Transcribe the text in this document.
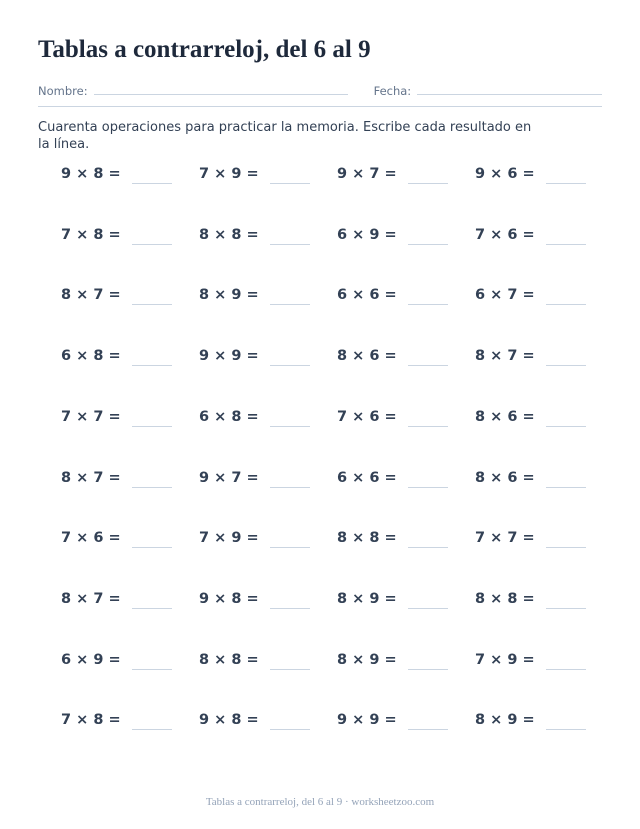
Tablas a contrarreloj, del 6 al 9
Nombre:	Fecha:

Cuarenta operaciones para practicar la memoria. Escribe cada resultado en la línea.

9 × 8 =	7 × 9 =	9 × 7 =	9 × 6 =
7 × 8 =	8 × 8 =	6 × 9 =	7 × 6 =
8 × 7 =	8 × 9 =	6 × 6 =	6 × 7 =
6 × 8 =	9 × 9 =	8 × 6 =	8 × 7 =
7 × 7 =	6 × 8 =	7 × 6 =	8 × 6 =
8 × 7 =	9 × 7 =	6 × 6 =	8 × 6 =
7 × 6 =	7 × 9 =	8 × 8 =	7 × 7 =
8 × 7 =	9 × 8 =	8 × 9 =	8 × 8 =
6 × 9 =	8 × 8 =	8 × 9 =	7 × 9 =
7 × 8 =	9 × 8 =	9 × 9 =	8 × 9 =

Tablas a contrarreloj, del 6 al 9 · worksheetzoo.com
